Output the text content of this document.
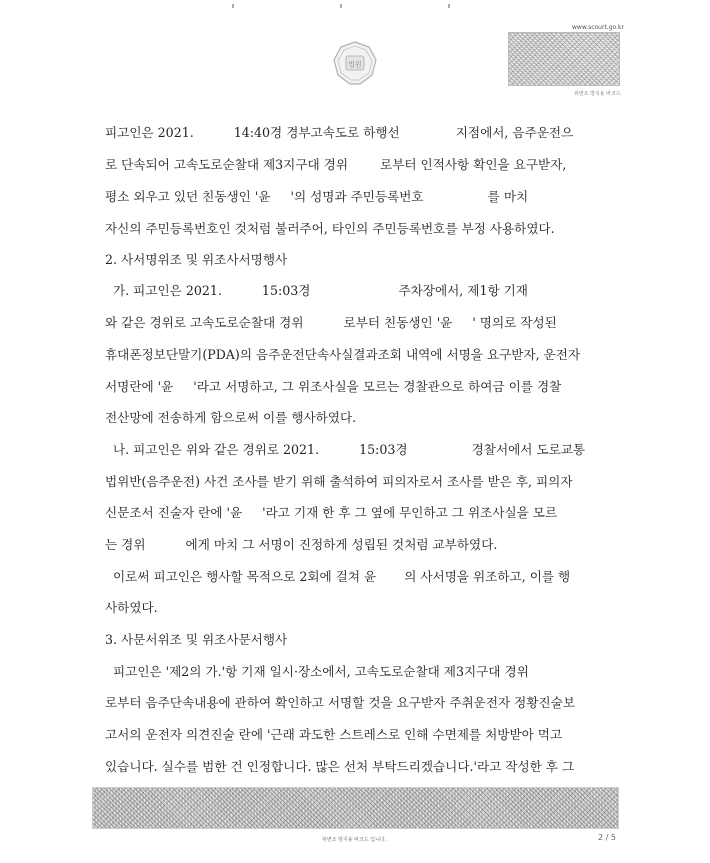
법원
www.scourt.go.kr
위변조 방지용 바코드
피고인은 2021.          14:40경 경부고속도로 하행선              지점에서, 음주운전으
로 단속되어 고속도로순찰대 제3지구대 경위        로부터 인적사항 확인을 요구받자,
평소 외우고 있던 친동생인 '윤     '의 성명과 주민등록번호                를 마치
자신의 주민등록번호인 것처럼 불러주어, 타인의 주민등록번호를 부정 사용하였다.
2. 사서명위조 및 위조사서명행사
가. 피고인은 2021.          15:03경                      주차장에서, 제1항 기재
와 같은 경위로 고속도로순찰대 경위          로부터 친동생인 '윤     ' 명의로 작성된
휴대폰정보단말기(PDA)의 음주운전단속사실결과조회 내역에 서명을 요구받자, 운전자
서명란에 '윤     '라고 서명하고, 그 위조사실을 모르는 경찰관으로 하여금 이를 경찰
전산망에 전송하게 함으로써 이를 행사하였다.
나. 피고인은 위와 같은 경위로 2021.          15:03경                경찰서에서 도로교통
법위반(음주운전) 사건 조사를 받기 위해 출석하여 피의자로서 조사를 받은 후, 피의자
신문조서 진술자 란에 '윤     '라고 기재 한 후 그 옆에 무인하고 그 위조사실을 모르
는 경위          에게 마치 그 서명이 진정하게 성립된 것처럼 교부하였다.
이로써 피고인은 행사할 목적으로 2회에 걸쳐 윤       의 사서명을 위조하고, 이를 행
사하였다.
3. 사문서위조 및 위조사문서행사
피고인은 '제2의 가.'항 기재 일시·장소에서, 고속도로순찰대 제3지구대 경위
로부터 음주단속내용에 관하여 확인하고 서명할 것을 요구받자 주취운전자 정황진술보
고서의 운전자 의견진술 란에 '근래 과도한 스트레스로 인해 수면제를 처방받아 먹고
있습니다. 실수를 범한 건 인정합니다. 많은 선처 부탁드리겠습니다.'라고 작성한 후 그
위변조 방지용 바코드 입니다.	2 / 5
